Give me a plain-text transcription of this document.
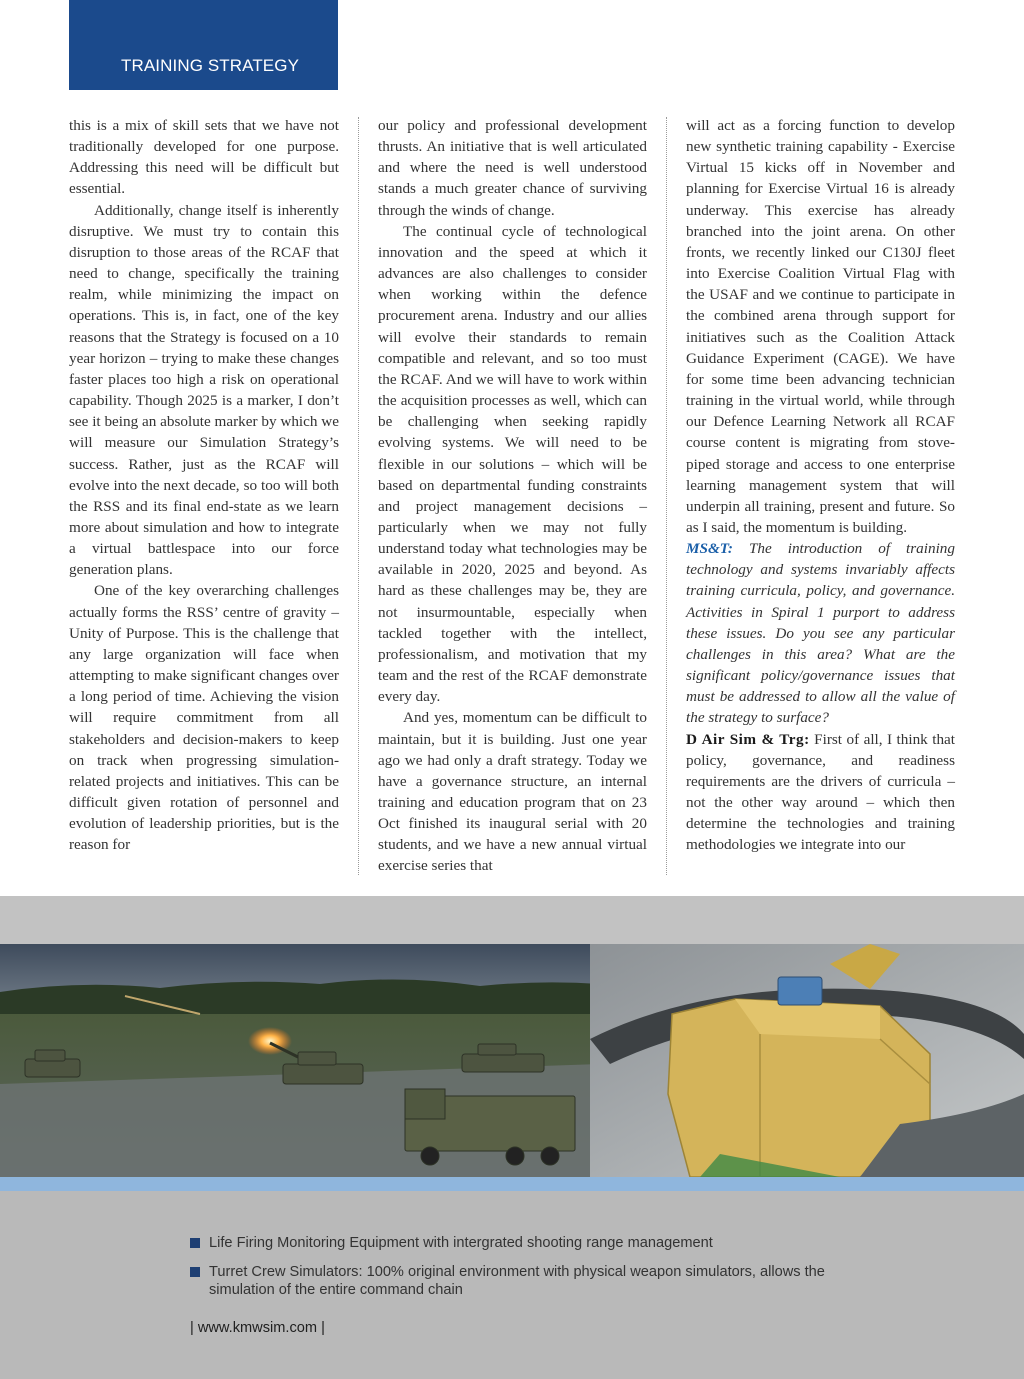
TRAINING STRATEGY

this is a mix of skill sets that we have not traditionally developed for one purpose. Addressing this need will be difficult but essential.

Additionally, change itself is inherently disruptive. We must try to contain this disruption to those areas of the RCAF that need to change, specifically the training realm, while minimizing the impact on operations. This is, in fact, one of the key reasons that the Strategy is focused on a 10 year horizon – trying to make these changes faster places too high a risk on operational capability. Though 2025 is a marker, I don’t see it being an absolute marker by which we will measure our Simulation Strategy’s success. Rather, just as the RCAF will evolve into the next decade, so too will both the RSS and its final end-state as we learn more about simulation and how to integrate a virtual battlespace into our force generation plans.

One of the key overarching challenges actually forms the RSS’ centre of gravity – Unity of Purpose. This is the challenge that any large organization will face when attempting to make significant changes over a long period of time. Achieving the vision will require commitment from all stakeholders and decision-makers to keep on track when progressing simulation-related projects and initiatives. This can be difficult given rotation of personnel and evolution of leadership priorities, but is the reason for

our policy and professional development thrusts. An initiative that is well articulated and where the need is well understood stands a much greater chance of surviving through the winds of change.

The continual cycle of technological innovation and the speed at which it advances are also challenges to consider when working within the defence procurement arena. Industry and our allies will evolve their standards to remain compatible and relevant, and so too must the RCAF. And we will have to work within the acquisition processes as well, which can be challenging when seeking rapidly evolving systems. We will need to be flexible in our solutions – which will be based on departmental funding constraints and project management decisions – particularly when we may not fully understand today what technologies may be available in 2020, 2025 and beyond. As hard as these challenges may be, they are not insurmountable, especially when tackled together with the intellect, professionalism, and motivation that my team and the rest of the RCAF demonstrate every day.

And yes, momentum can be difficult to maintain, but it is building. Just one year ago we had only a draft strategy. Today we have a governance structure, an internal training and education program that on 23 Oct finished its inaugural serial with 20 students, and we have a new annual virtual exercise series that

will act as a forcing function to develop new synthetic training capability - Exercise Virtual 15 kicks off in November and planning for Exercise Virtual 16 is already underway. This exercise has already branched into the joint arena. On other fronts, we recently linked our C130J fleet into Exercise Coalition Virtual Flag with the USAF and we continue to participate in the combined arena through support for initiatives such as the Coalition Attack Guidance Experiment (CAGE). We have for some time been advancing technician training in the virtual world, while through our Defence Learning Network all RCAF course content is migrating from stove-piped storage and access to one enterprise learning management system that will underpin all training, present and future. So as I said, the momentum is building.

MS&T: The introduction of training technology and systems invariably affects training curricula, policy, and governance. Activities in Spiral 1 purport to address these issues. Do you see any particular challenges in this area? What are the significant policy/governance issues that must be addressed to allow all the value of the strategy to surface?

D Air Sim & Trg: First of all, I think that policy, governance, and readiness requirements are the drivers of curricula – not the other way around – which then determine the technologies and training methodologies we integrate into our

Life Firing Monitoring Equipment with intergrated shooting range management
Turret Crew Simulators: 100% original environment with physical weapon simulators, allows the simulation of the entire command chain
| www.kmwsim.com |
